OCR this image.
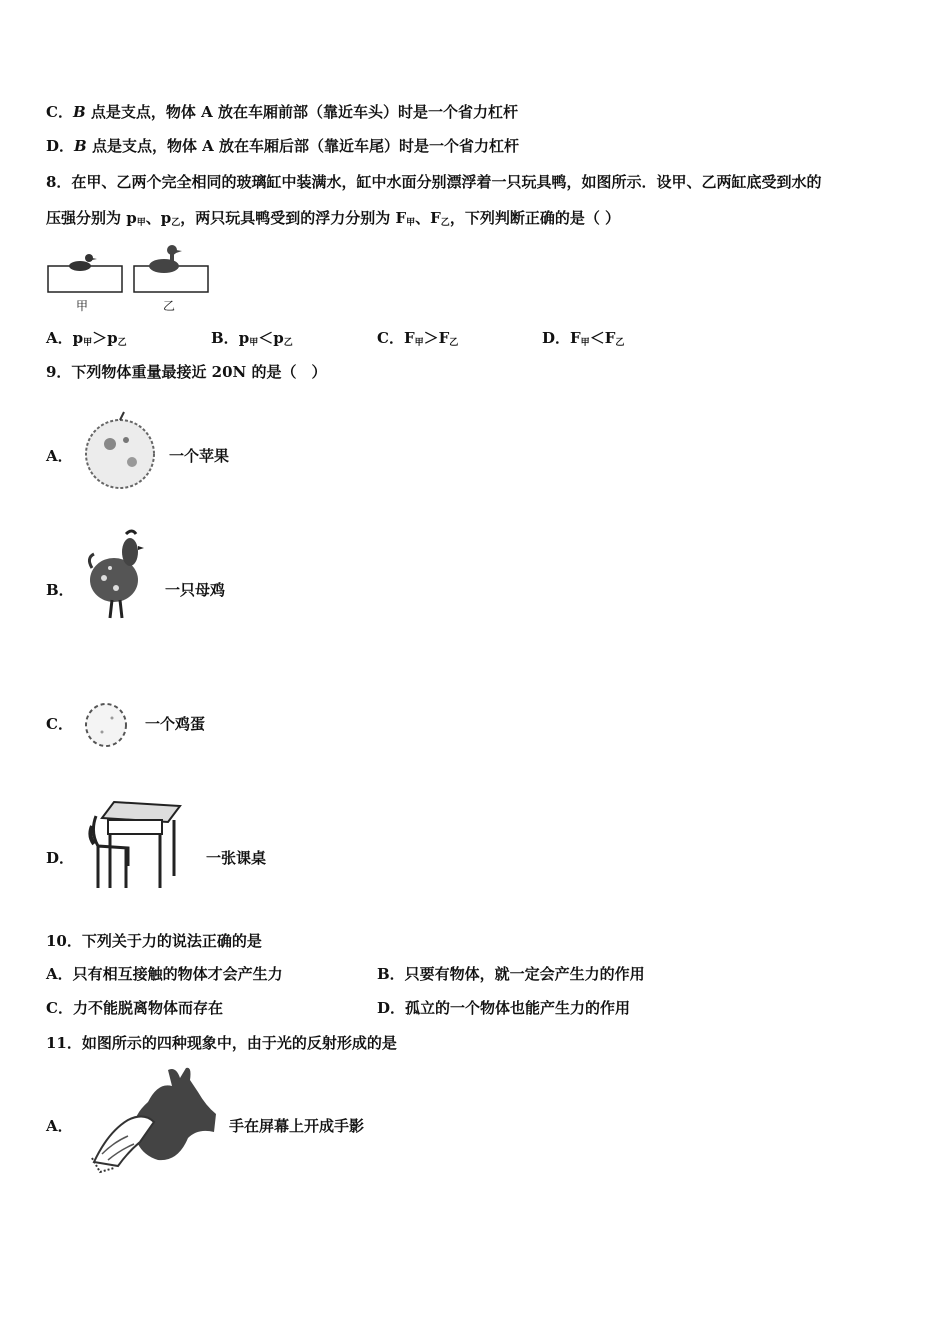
C．B 点是支点，物体 A 放在车厢前部（靠近车头）时是一个省力杠杆
D．B 点是支点，物体 A 放在车厢后部（靠近车尾）时是一个省力杠杆
8．在甲、乙两个完全相同的玻璃缸中装满水，缸中水面分别漂浮着一只玩具鸭，如图所示．设甲、乙两缸底受到水的
压强分别为 $p_甲$、$p_乙$，两只玩具鸭受到的浮力分别为 $F_甲$、$F_乙$，下列判断正确的是（ ）
甲	乙
A．$p_甲>p_乙$	B．$p_甲<p_乙$	C．$F_甲>F_乙$	D．$F_甲<F_乙$
9．下列物体重量最接近 20N 的是（　）
A．	一个苹果
B．	一只母鸡
C．	一个鸡蛋
D．	一张课桌
10．下列关于力的说法正确的是
A．只有相互接触的物体才会产生力	B．只要有物体，就一定会产生力的作用
C．力不能脱离物体而存在	D．孤立的一个物体也能产生力的作用
11．如图所示的四种现象中，由于光的反射形成的是
A．	手在屏幕上开成手影
